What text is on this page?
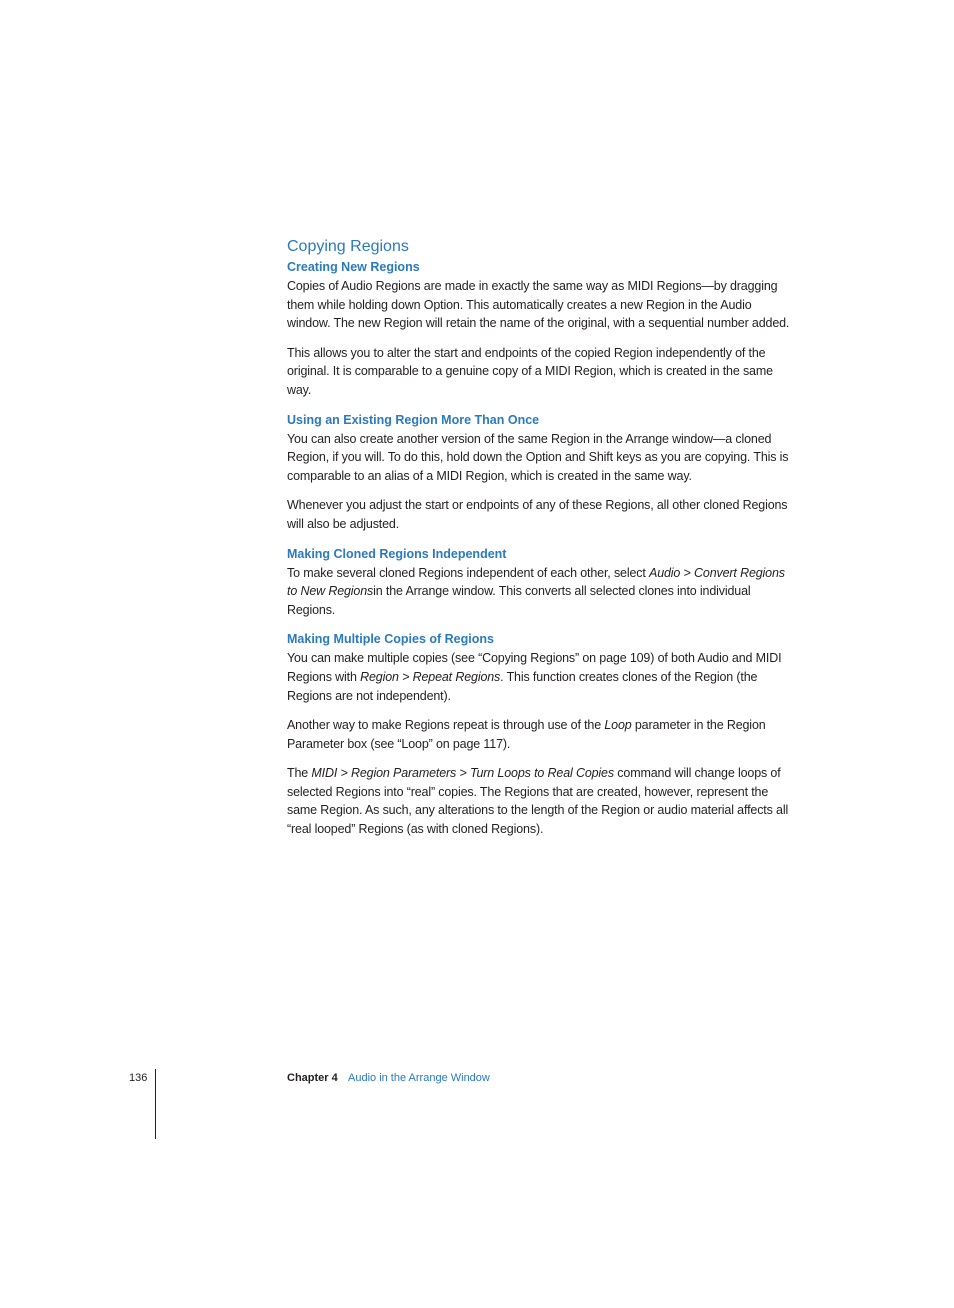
Copying Regions
Creating New Regions

Copies of Audio Regions are made in exactly the same way as MIDI Regions—by dragging them while holding down Option. This automatically creates a new Region in the Audio window. The new Region will retain the name of the original, with a sequential number added.

This allows you to alter the start and endpoints of the copied Region independently of the original. It is comparable to a genuine copy of a MIDI Region, which is created in the same way.

Using an Existing Region More Than Once

You can also create another version of the same Region in the Arrange window—a cloned Region, if you will. To do this, hold down the Option and Shift keys as you are copying. This is comparable to an alias of a MIDI Region, which is created in the same way.

Whenever you adjust the start or endpoints of any of these Regions, all other cloned Regions will also be adjusted.

Making Cloned Regions Independent

To make several cloned Regions independent of each other, select Audio > Convert Regions to New Regionsin the Arrange window. This converts all selected clones into individual Regions.

Making Multiple Copies of Regions

You can make multiple copies (see “Copying Regions” on page 109) of both Audio and MIDI Regions with Region > Repeat Regions. This function creates clones of the Region (the Regions are not independent).

Another way to make Regions repeat is through use of the Loop parameter in the Region Parameter box (see “Loop” on page 117).

The MIDI > Region Parameters > Turn Loops to Real Copies command will change loops of selected Regions into “real” copies. The Regions that are created, however, represent the same Region. As such, any alterations to the length of the Region or audio material affects all “real looped” Regions (as with cloned Regions).

136	Chapter 4 Audio in the Arrange Window
